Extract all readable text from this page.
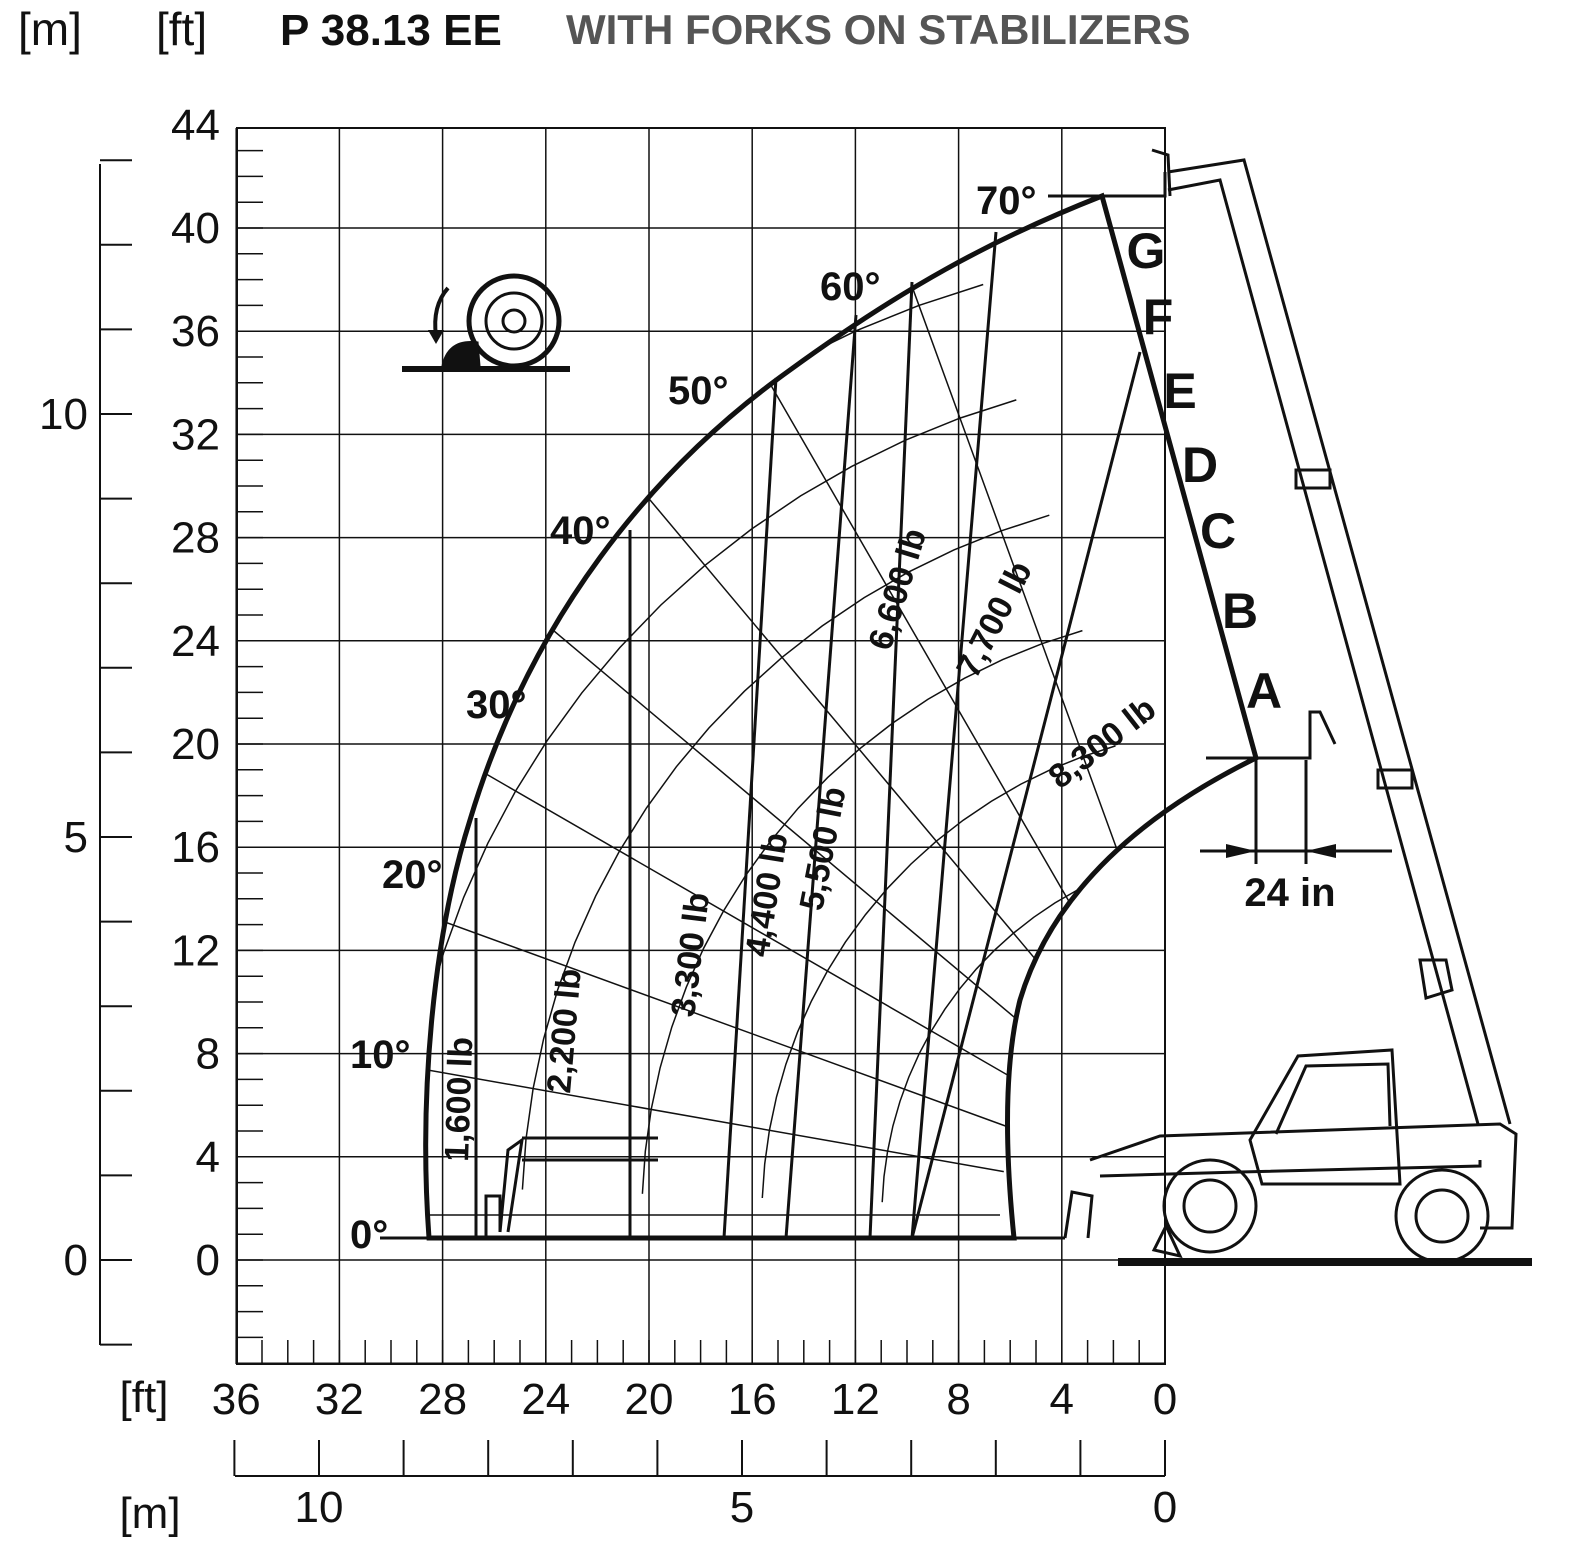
[m] [ft] P 38.13 EE WITH FORKS ON STABILIZERS
44
40
36
32
28
24
20
16
12
8
4
0
10
5
0
36 32 28 24 20 16 12 8 4 0
[ft]
10	5	0
[m]
0°
10°
20°
30°
40°
50°
60°
70°
1,600 lb
2,200 lb
3,300 lb 4,400 lb
5,500 lb
6,600 lb 7,700 lb
8,300 lb A
B
C
D
E
F
G
24 in
